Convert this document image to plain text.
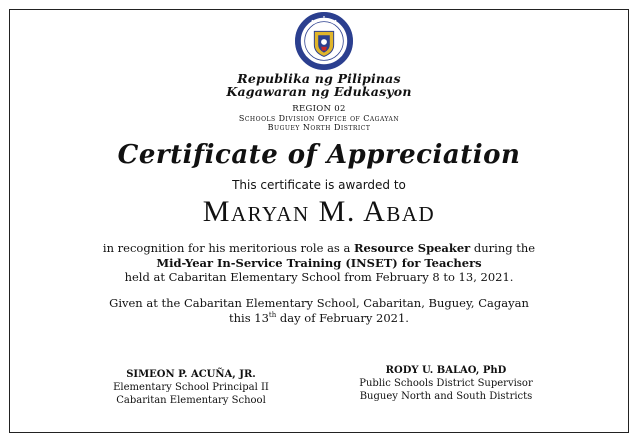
Republika ng Pilipinas
Kagawaran ng Edukasyon
REGION 02
Schools Division Office of Cagayan
Buguey North District
Certificate of Appreciation
This certificate is awarded to
Maryan M. Abad
in recognition for his meritorious role as a Resource Speaker during the
Mid-Year In-Service Training (INSET) for Teachers
held at Cabaritan Elementary School from February 8 to 13, 2021.
Given at the Cabaritan Elementary School, Cabaritan, Buguey, Cagayan
this 13th day of February 2021.
SIMEON P. ACUÑA, JR.
Elementary School Principal II
Cabaritan Elementary School
RODY U. BALAO, PhD
Public Schools District Supervisor
Buguey North and South Districts
